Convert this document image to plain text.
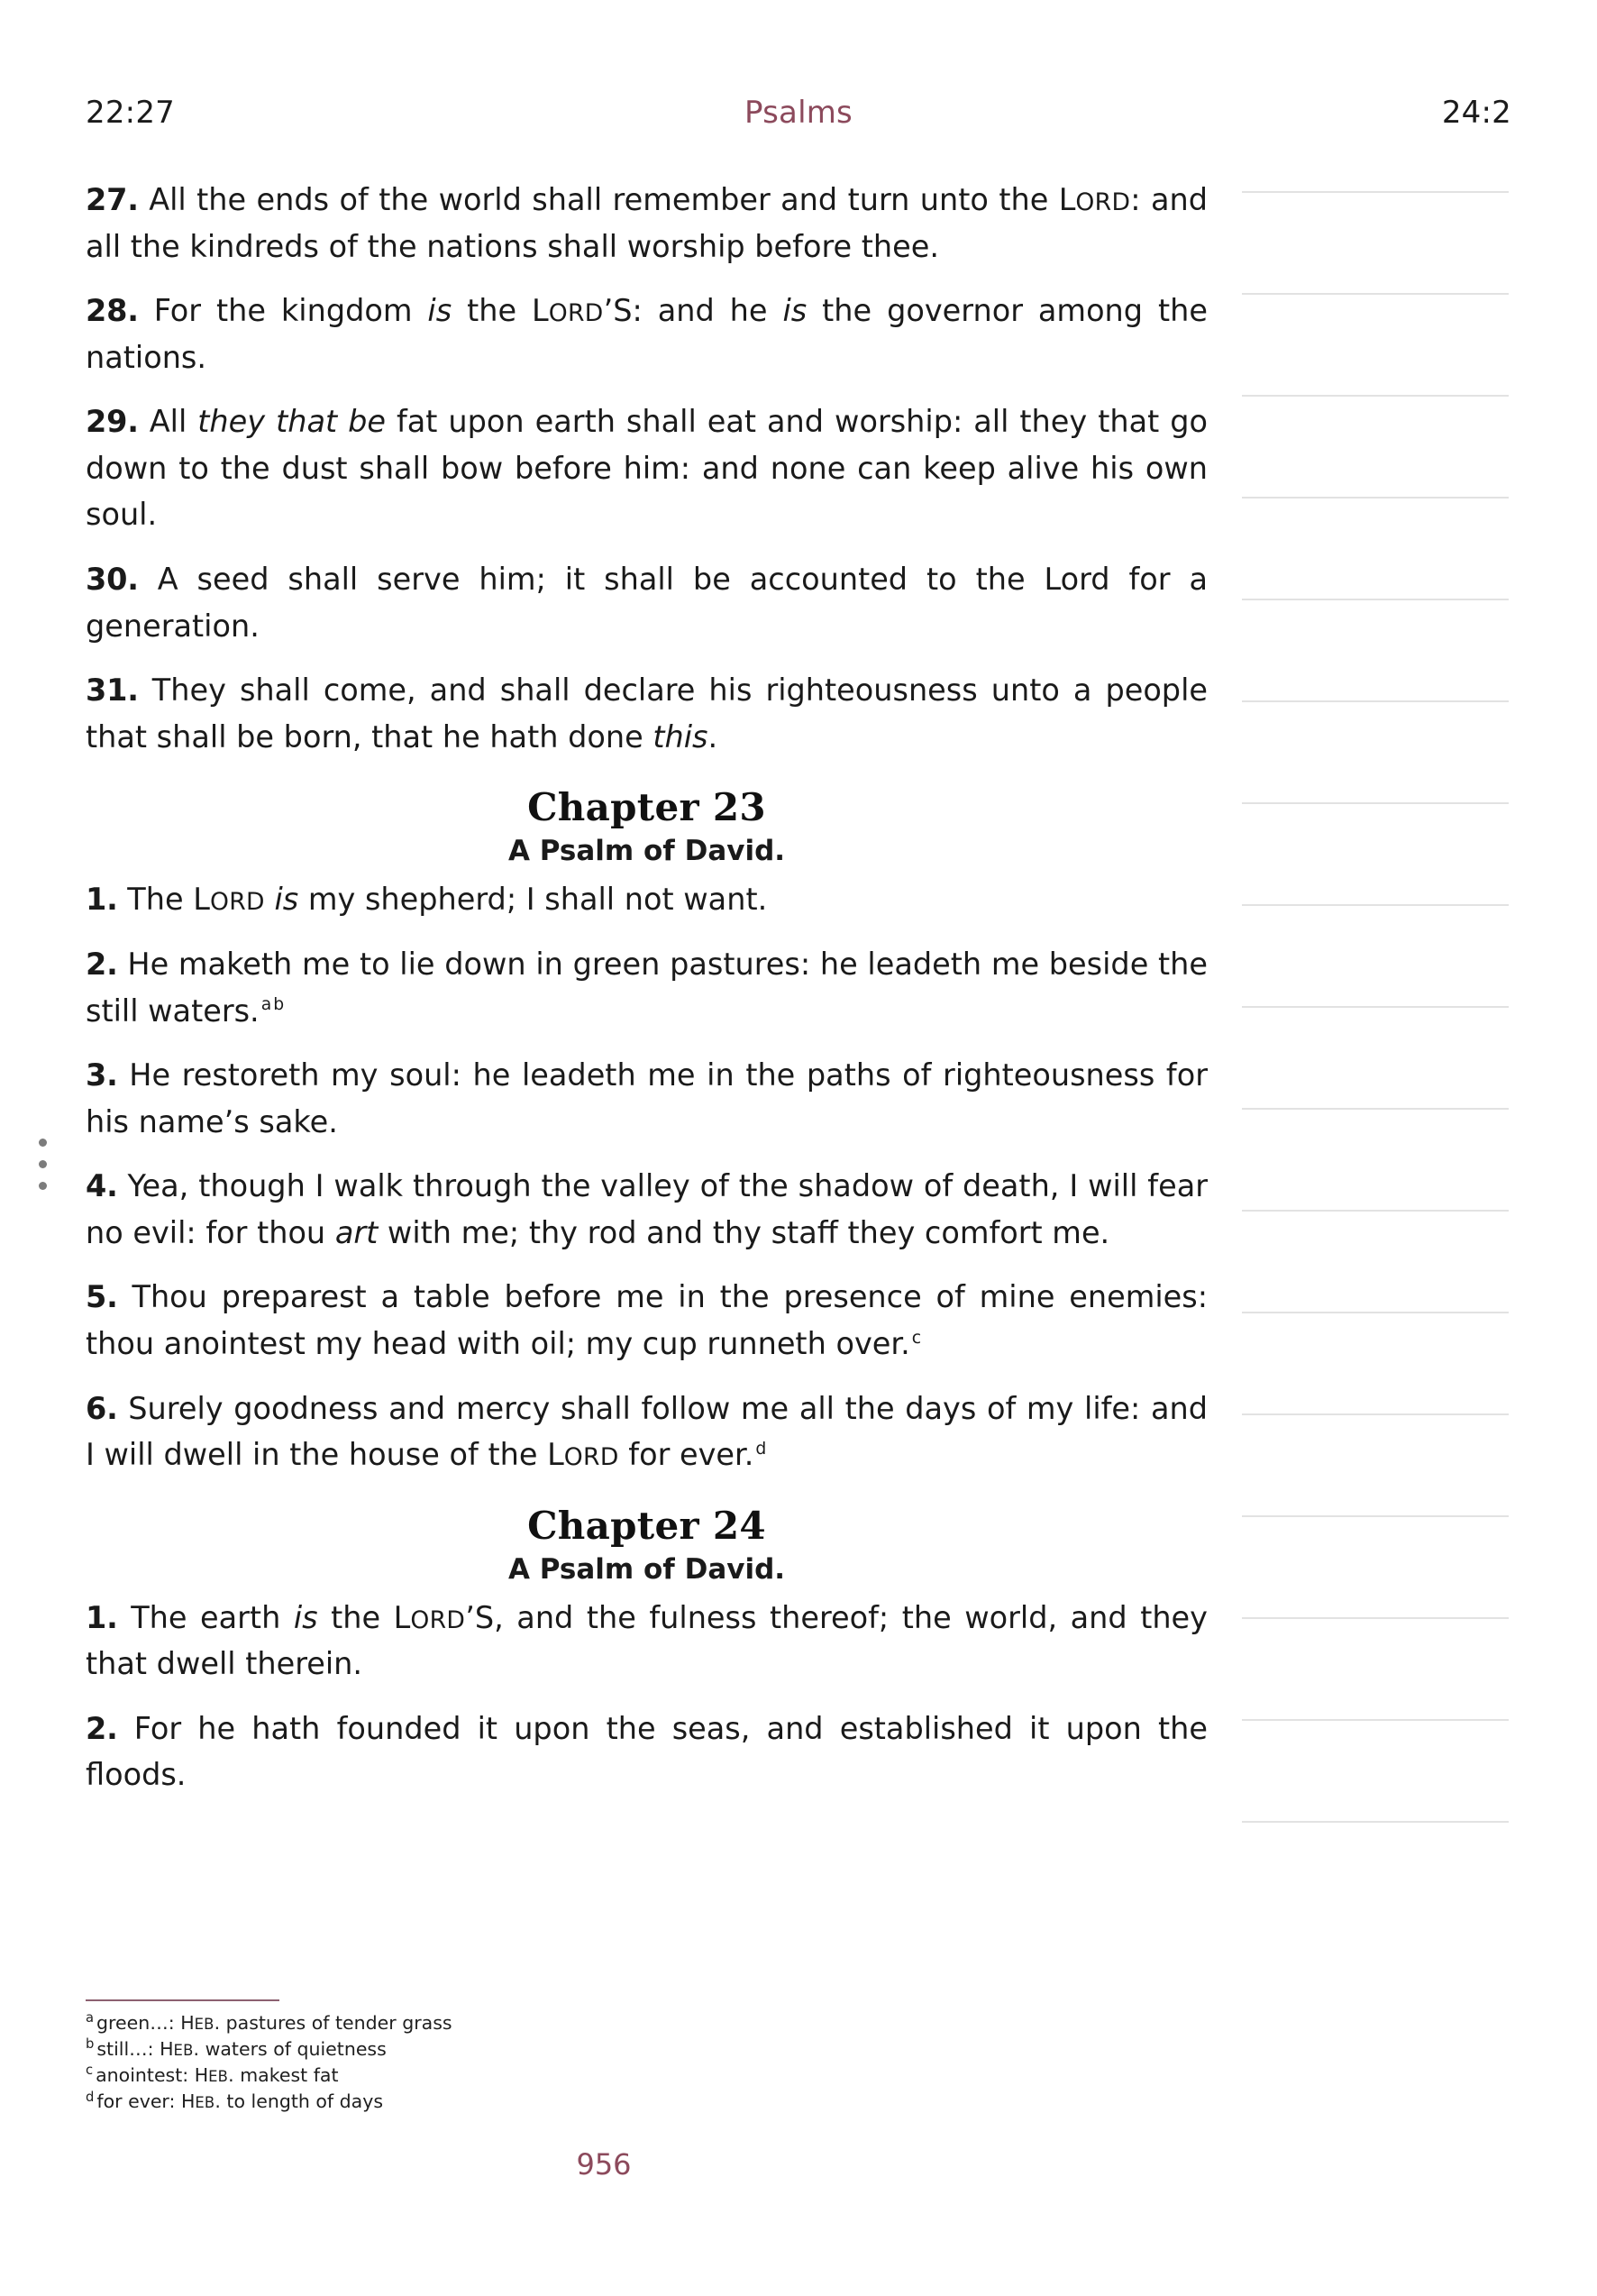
22:27	Psalms	24:2

27. All the ends of the world shall remember and turn unto the LORD: and all the kindreds of the nations shall worship before thee.

28. For the kingdom is the LORD’S: and he is the governor among the nations.

29. All they that be fat upon earth shall eat and worship: all they that go down to the dust shall bow before him: and none can keep alive his own soul.

30. A seed shall serve him; it shall be accounted to the Lord for a generation.

31. They shall come, and shall declare his righteousness unto a people that shall be born, that he hath done this.

Chapter 23
A Psalm of David.

1. The LORD is my shepherd; I shall not want.

2. He maketh me to lie down in green pastures: he leadeth me beside the still waters. $^a$ $^b$

3. He restoreth my soul: he leadeth me in the paths of righteousness for his name’s sake.

4. Yea, though I walk through the valley of the shadow of death, I will fear no evil: for thou art with me; thy rod and thy staff they comfort me.

5. Thou preparest a table before me in the presence of mine enemies: thou anointest my head with oil; my cup runneth over. $^c$

6. Surely goodness and mercy shall follow me all the days of my life: and I will dwell in the house of the LORD for ever. $^d$

Chapter 24
A Psalm of David.

1. The earth is the LORD’S, and the fulness thereof; the world, and they that dwell therein.

2. For he hath founded it upon the seas, and established it upon the floods.

$^a$ green…: HEB. pastures of tender grass
$^b$ still…: HEB. waters of quietness
$^c$ anointest: HEB. makest fat
$^d$ for ever: HEB. to length of days
956
